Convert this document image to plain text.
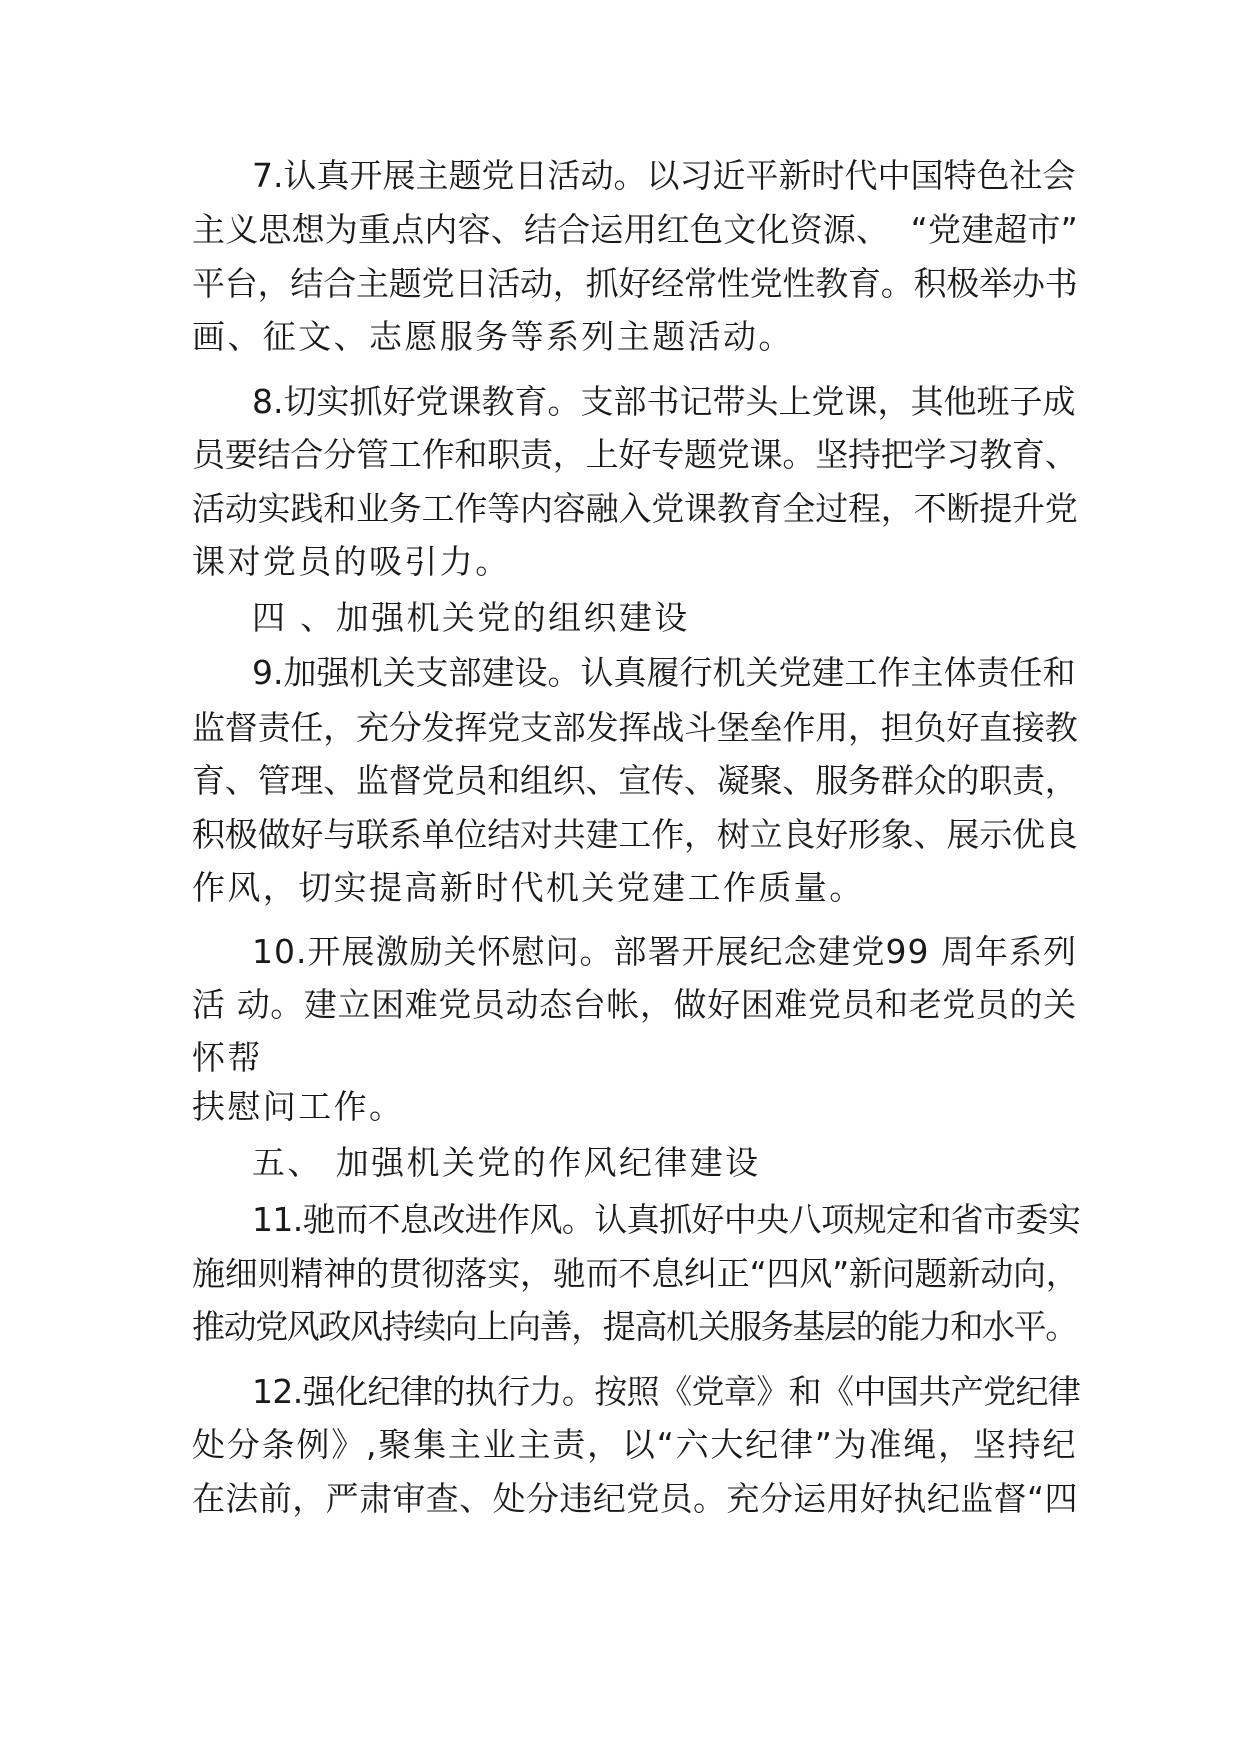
7.认真开展主题党日活动。以习近平新时代中国特色社会
主义思想为重点内容、结合运用红色文化资源、  “党建超市”
平台，结合主题党日活动，抓好经常性党性教育。积极举办书
画、征文、志愿服务等系列主题活动。
8.切实抓好党课教育。支部书记带头上党课，其他班子成
员要结合分管工作和职责，上好专题党课。坚持把学习教育、
活动实践和业务工作等内容融入党课教育全过程，不断提升党
课对党员的吸引力。
四 、加强机关党的组织建设
9.加强机关支部建设。认真履行机关党建工作主体责任和
监督责任，充分发挥党支部发挥战斗堡垒作用，担负好直接教
育、管理、监督党员和组织、宣传、凝聚、服务群众的职责，
积极做好与联系单位结对共建工作，树立良好形象、展示优良
作风，切实提高新时代机关党建工作质量。
10.开展激励关怀慰问。部署开展纪念建党99 周年系列
活 动。建立困难党员动态台帐，做好困难党员和老党员的关
怀帮
扶慰问工作。
五、 加强机关党的作风纪律建设
11.驰而不息改进作风。认真抓好中央八项规定和省市委实
施细则精神的贯彻落实，驰而不息纠正“四风”新问题新动向，
推动党风政风持续向上向善，提高机关服务基层的能力和水平。
12.强化纪律的执行力。按照《党章》和《中国共产党纪律
处分条例》,聚集主业主责，以“六大纪律”为准绳，坚持纪
在法前，严肃审查、处分违纪党员。充分运用好执纪监督“四
